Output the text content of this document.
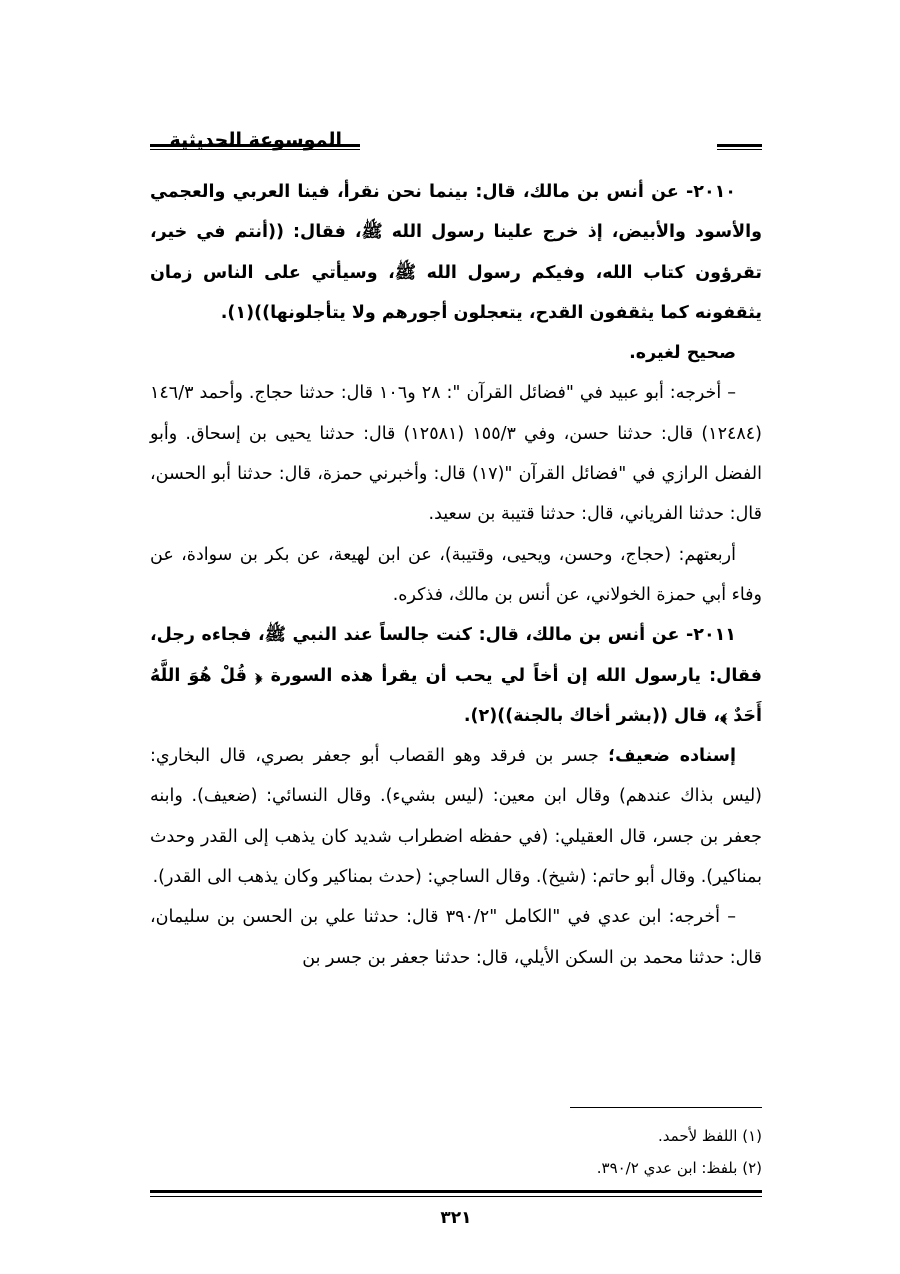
الموسوعة الحديثية

٢٠١٠- عن أنس بن مالك، قال: بينما نحن نقرأ، فينا العربي والعجمي والأسود والأبيض، إذ خرج علينا رسول الله ﷺ، فقال: ((أنتم في خير، تقرؤون كتاب الله، وفيكم رسول الله ﷺ، وسيأتي على الناس زمان يثقفونه كما يثقفون القدح، يتعجلون أجورهم ولا يتأجلونها))(١).

صحيح لغيره.

– أخرجه: أبو عبيد في "فضائل القرآن ": ٢٨ و١٠٦ قال: حدثنا حجاج. وأحمد ١٤٦/٣ (١٢٤٨٤) قال: حدثنا حسن، وفي ١٥٥/٣ (١٢٥٨١) قال: حدثنا يحيى بن إسحاق. وأبو الفضل الرازي في "فضائل القرآن "(١٧) قال: وأخبرني حمزة، قال: حدثنا أبو الحسن، قال: حدثنا الفرياني، قال: حدثنا قتيبة بن سعيد.

أربعتهم: (حجاج، وحسن، ويحيى، وقتيبة)، عن ابن لهيعة، عن بكر بن سوادة، عن وفاء أبي حمزة الخولاني، عن أنس بن مالك، فذكره.

٢٠١١- عن أنس بن مالك، قال: كنت جالساً عند النبي ﷺ، فجاءه رجل، فقال: يارسول الله إن أخاً لي يحب أن يقرأ هذه السورة ﴿ قُلْ هُوَ اللَّهُ أَحَدٌ ﴾، قال ((بشر أخاك بالجنة))(٢).

إسناده ضعيف؛ جسر بن فرقد وهو القصاب أبو جعفر بصري، قال البخاري: (ليس بذاك عندهم) وقال ابن معين: (ليس بشيء). وقال النسائي: (ضعيف). وابنه جعفر بن جسر، قال العقيلي: (في حفظه اضطراب شديد كان يذهب إلى القدر وحدث بمناكير). وقال أبو حاتم: (شيخ). وقال الساجي: (حدث بمناكير وكان يذهب الى القدر).

– أخرجه: ابن عدي في "الكامل "٣٩٠/٢ قال: حدثنا علي بن الحسن بن سليمان، قال: حدثنا محمد بن السكن الأيلي، قال: حدثنا جعفر بن جسر بن

(١) اللفظ لأحمد.

(٢) بلفظ: ابن عدي ٣٩٠/٢.

٣٢١
